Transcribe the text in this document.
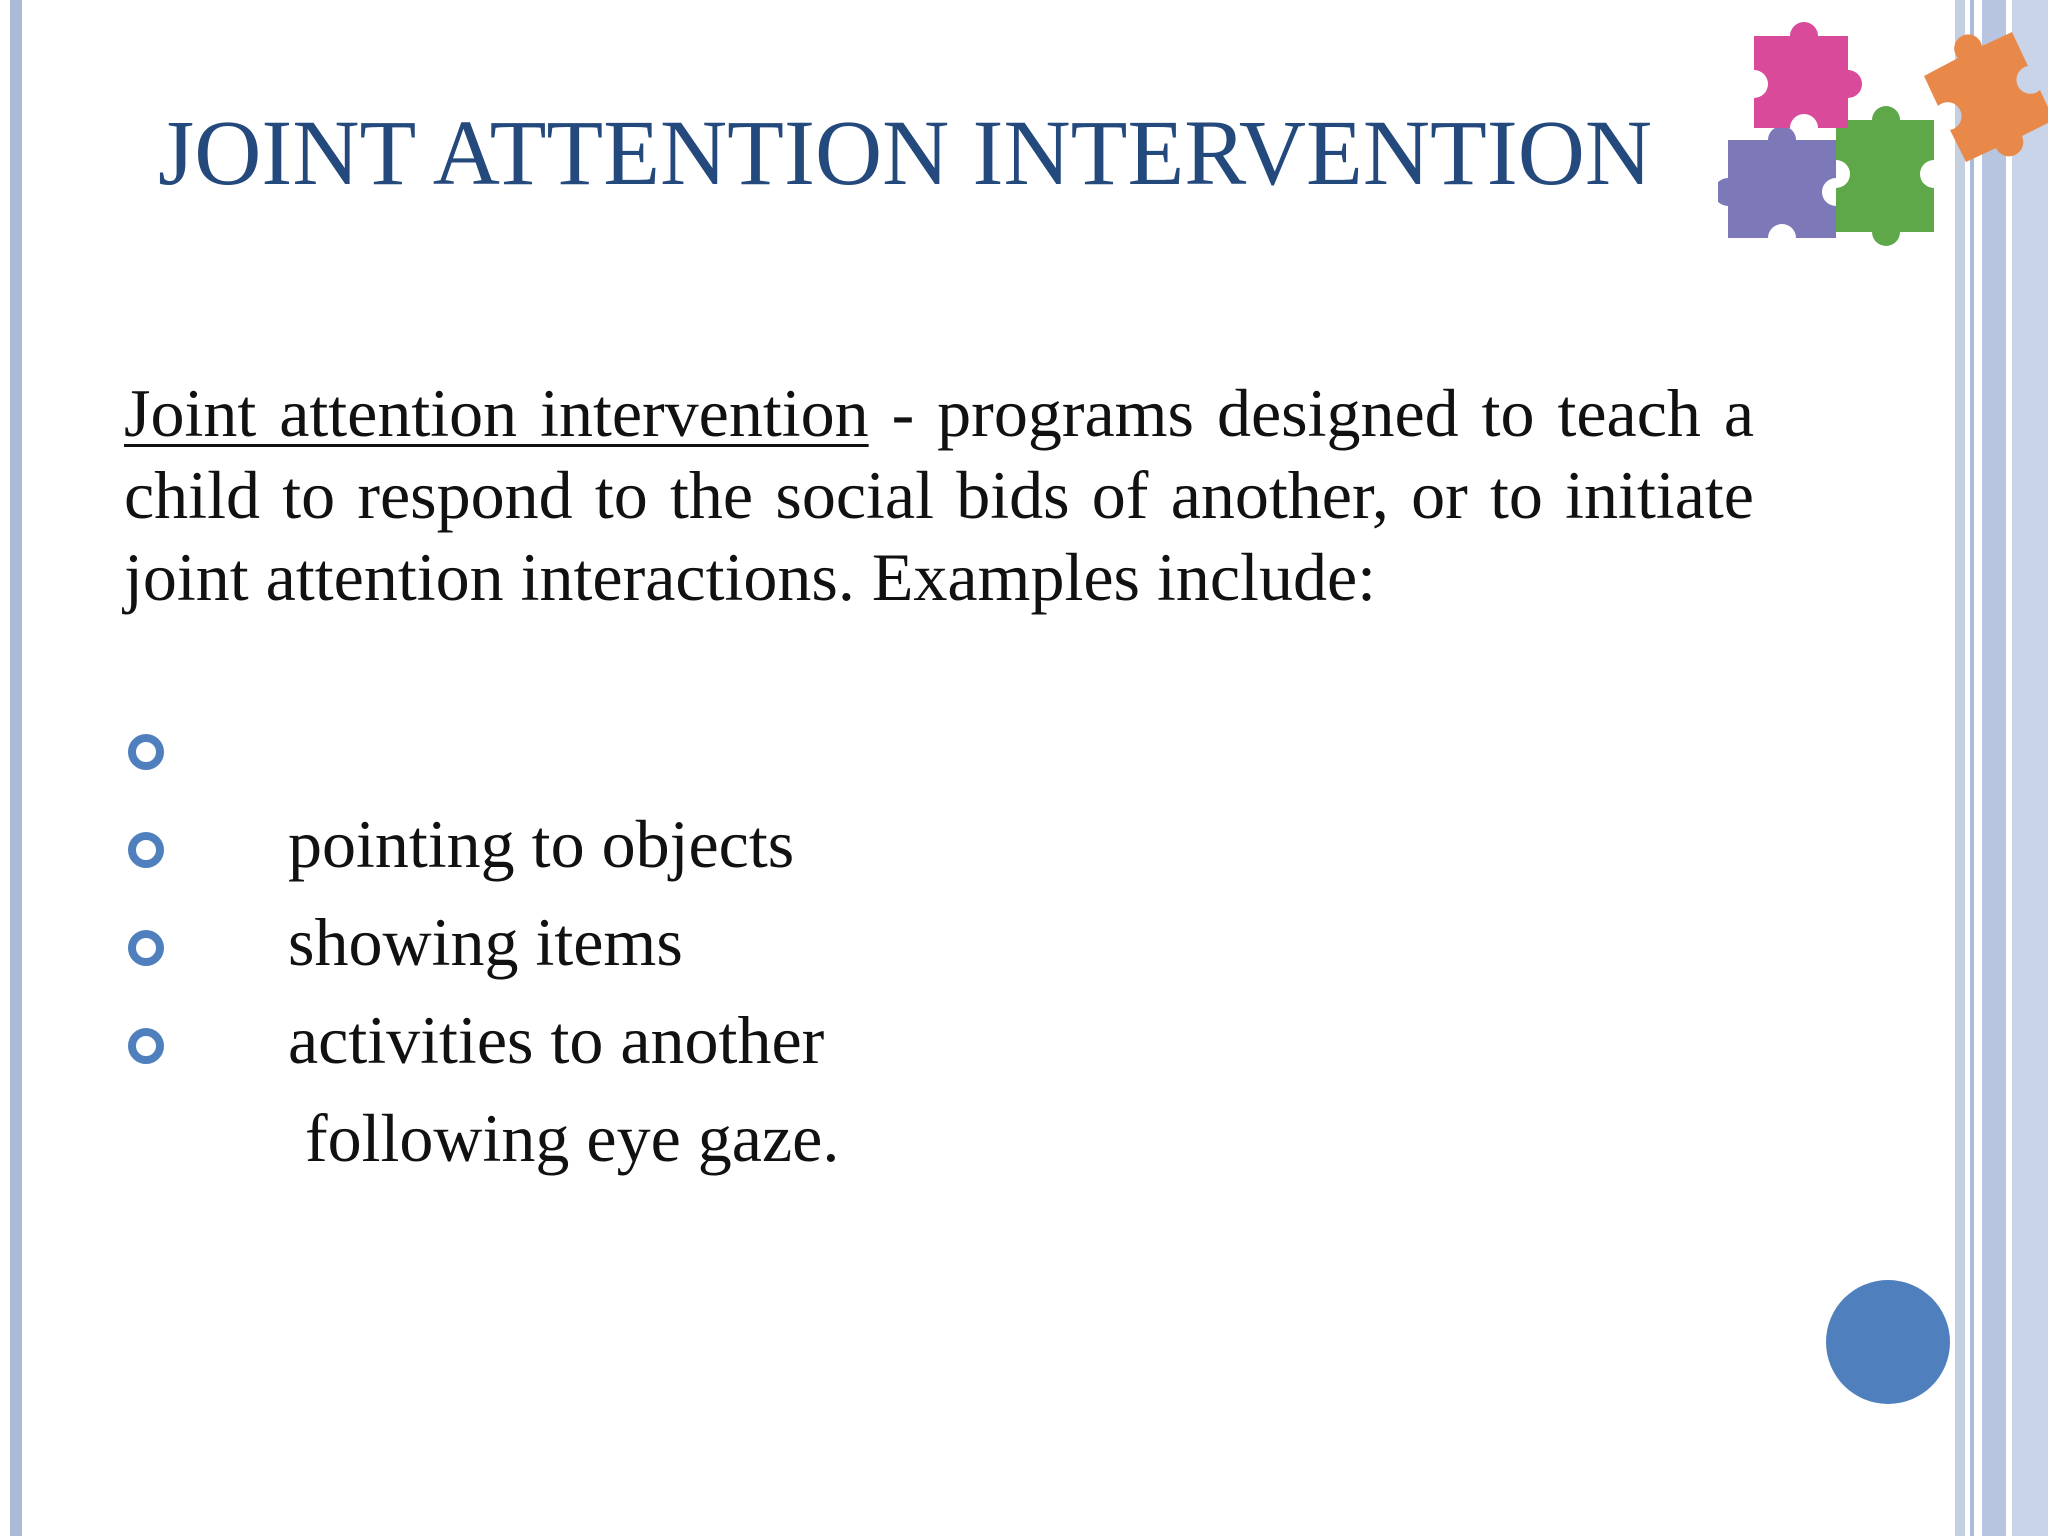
JOINT ATTENTION INTERVENTION
Joint attention intervention - programs designed to teach a child to respond to the social bids of another, or to initiate joint attention interactions. Examples include:

pointing to objects

showing items

activities to another

following eye gaze.
